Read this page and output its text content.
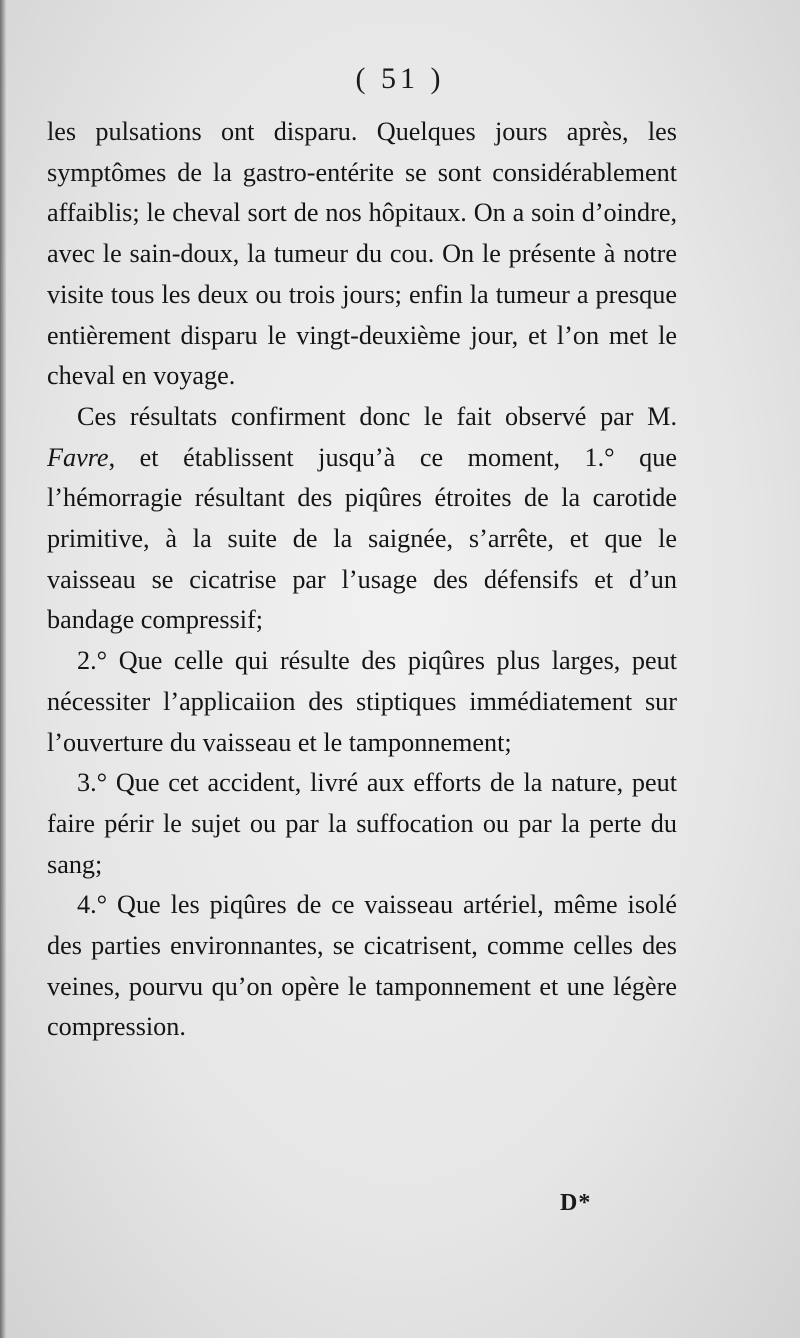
( 51 )

les pulsations ont disparu. Quelques jours après, les symptômes de la gastro-entérite se sont considérablement affaiblis; le cheval sort de nos hôpitaux. On a soin d’oindre, avec le sain-doux, la tumeur du cou. On le présente à notre visite tous les deux ou trois jours; enfin la tumeur a presque entièrement disparu le vingt-deuxième jour, et l’on met le cheval en voyage.

Ces résultats confirment donc le fait observé par M. Favre, et établissent jusqu’à ce moment, 1.° que l’hémorragie résultant des piqûres étroites de la carotide primitive, à la suite de la saignée, s’arrête, et que le vaisseau se cicatrise par l’usage des défensifs et d’un bandage compressif;

2.° Que celle qui résulte des piqûres plus larges, peut nécessiter l’applicaiion des stiptiques immédiatement sur l’ouverture du vaisseau et le tamponnement;

3.° Que cet accident, livré aux efforts de la nature, peut faire périr le sujet ou par la suffocation ou par la perte du sang;

4.° Que les piqûres de ce vaisseau artériel, même isolé des parties environnantes, se cicatrisent, comme celles des veines, pourvu qu’on opère le tamponnement et une légère compression.

D*
